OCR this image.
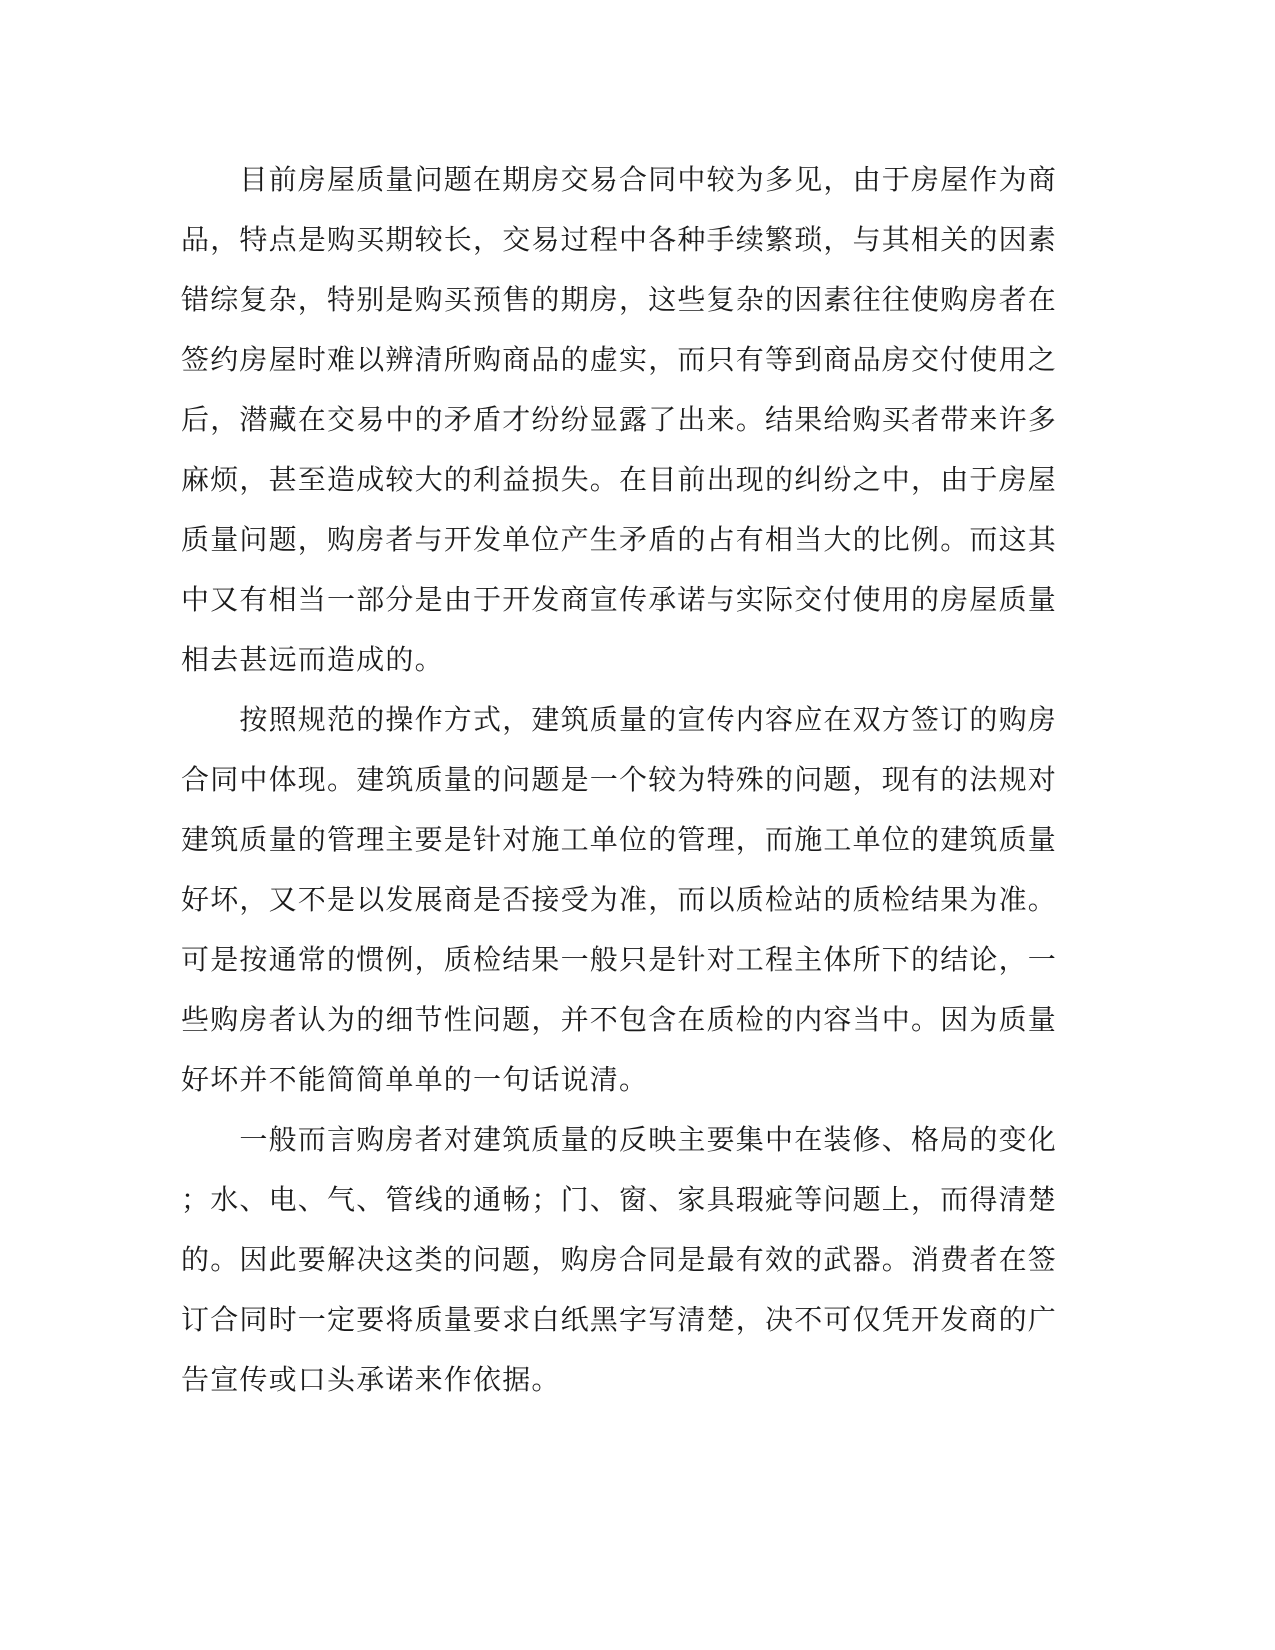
　　目前房屋质量问题在期房交易合同中较为多见，由于房屋作为商
品，特点是购买期较长，交易过程中各种手续繁琐，与其相关的因素
错综复杂，特别是购买预售的期房，这些复杂的因素往往使购房者在
签约房屋时难以辨清所购商品的虚实，而只有等到商品房交付使用之
后，潜藏在交易中的矛盾才纷纷显露了出来。结果给购买者带来许多
麻烦，甚至造成较大的利益损失。在目前出现的纠纷之中，由于房屋
质量问题，购房者与开发单位产生矛盾的占有相当大的比例。而这其
中又有相当一部分是由于开发商宣传承诺与实际交付使用的房屋质量
相去甚远而造成的。
　　按照规范的操作方式，建筑质量的宣传内容应在双方签订的购房
合同中体现。建筑质量的问题是一个较为特殊的问题，现有的法规对
建筑质量的管理主要是针对施工单位的管理，而施工单位的建筑质量
好坏，又不是以发展商是否接受为准，而以质检站的质检结果为准。
可是按通常的惯例，质检结果一般只是针对工程主体所下的结论，一
些购房者认为的细节性问题，并不包含在质检的内容当中。因为质量
好坏并不能简简单单的一句话说清。
　　一般而言购房者对建筑质量的反映主要集中在装修、格局的变化
；水、电、气、管线的通畅；门、窗、家具瑕疵等问题上，而得清楚
的。因此要解决这类的问题，购房合同是最有效的武器。消费者在签
订合同时一定要将质量要求白纸黑字写清楚，决不可仅凭开发商的广
告宣传或口头承诺来作依据。
